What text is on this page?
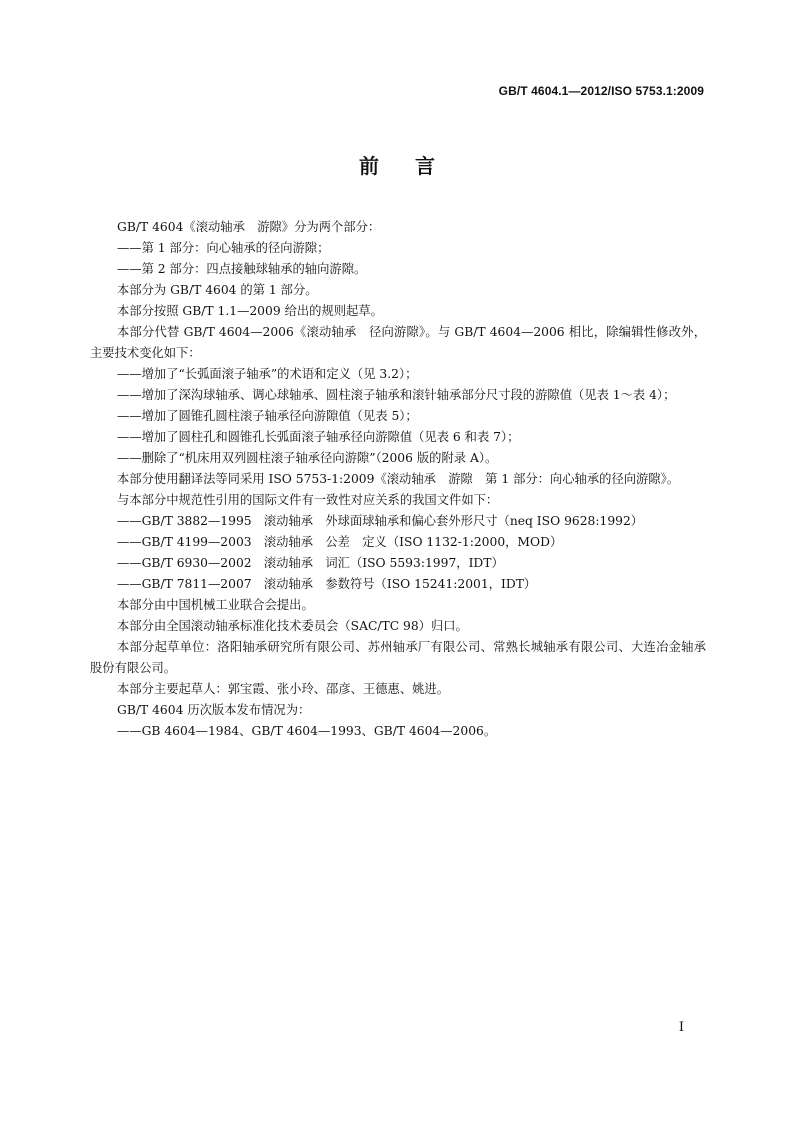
GB/T 4604.1—2012/ISO 5753.1:2009
前言

GB/T 4604《滚动轴承　游隙》分为两个部分：

——第 1 部分：向心轴承的径向游隙；

——第 2 部分：四点接触球轴承的轴向游隙。

本部分为 GB/T 4604 的第 1 部分。

本部分按照 GB/T 1.1—2009 给出的规则起草。

本部分代替 GB/T 4604—2006《滚动轴承　径向游隙》。与 GB/T 4604—2006 相比，除编辑性修改外，主要技术变化如下：

——增加了“长弧面滚子轴承”的术语和定义（见 3.2）；

——增加了深沟球轴承、调心球轴承、圆柱滚子轴承和滚针轴承部分尺寸段的游隙值（见表 1～表 4）；

——增加了圆锥孔圆柱滚子轴承径向游隙值（见表 5）；

——增加了圆柱孔和圆锥孔长弧面滚子轴承径向游隙值（见表 6 和表 7）；

——删除了“机床用双列圆柱滚子轴承径向游隙”（2006 版的附录 A）。

本部分使用翻译法等同采用 ISO 5753-1:2009《滚动轴承　游隙　第 1 部分：向心轴承的径向游隙》。

与本部分中规范性引用的国际文件有一致性对应关系的我国文件如下：

——GB/T 3882—1995　滚动轴承　外球面球轴承和偏心套外形尺寸（neq ISO 9628:1992）

——GB/T 4199—2003　滚动轴承　公差　定义（ISO 1132-1:2000，MOD）

——GB/T 6930—2002　滚动轴承　词汇（ISO 5593:1997，IDT）

——GB/T 7811—2007　滚动轴承　参数符号（ISO 15241:2001，IDT）

本部分由中国机械工业联合会提出。

本部分由全国滚动轴承标准化技术委员会（SAC/TC 98）归口。

本部分起草单位：洛阳轴承研究所有限公司、苏州轴承厂有限公司、常熟长城轴承有限公司、大连冶金轴承股份有限公司。

本部分主要起草人：郭宝霞、张小玲、邵彦、王德惠、姚进。

GB/T 4604 历次版本发布情况为：

——GB 4604—1984、GB/T 4604—1993、GB/T 4604—2006。

I
